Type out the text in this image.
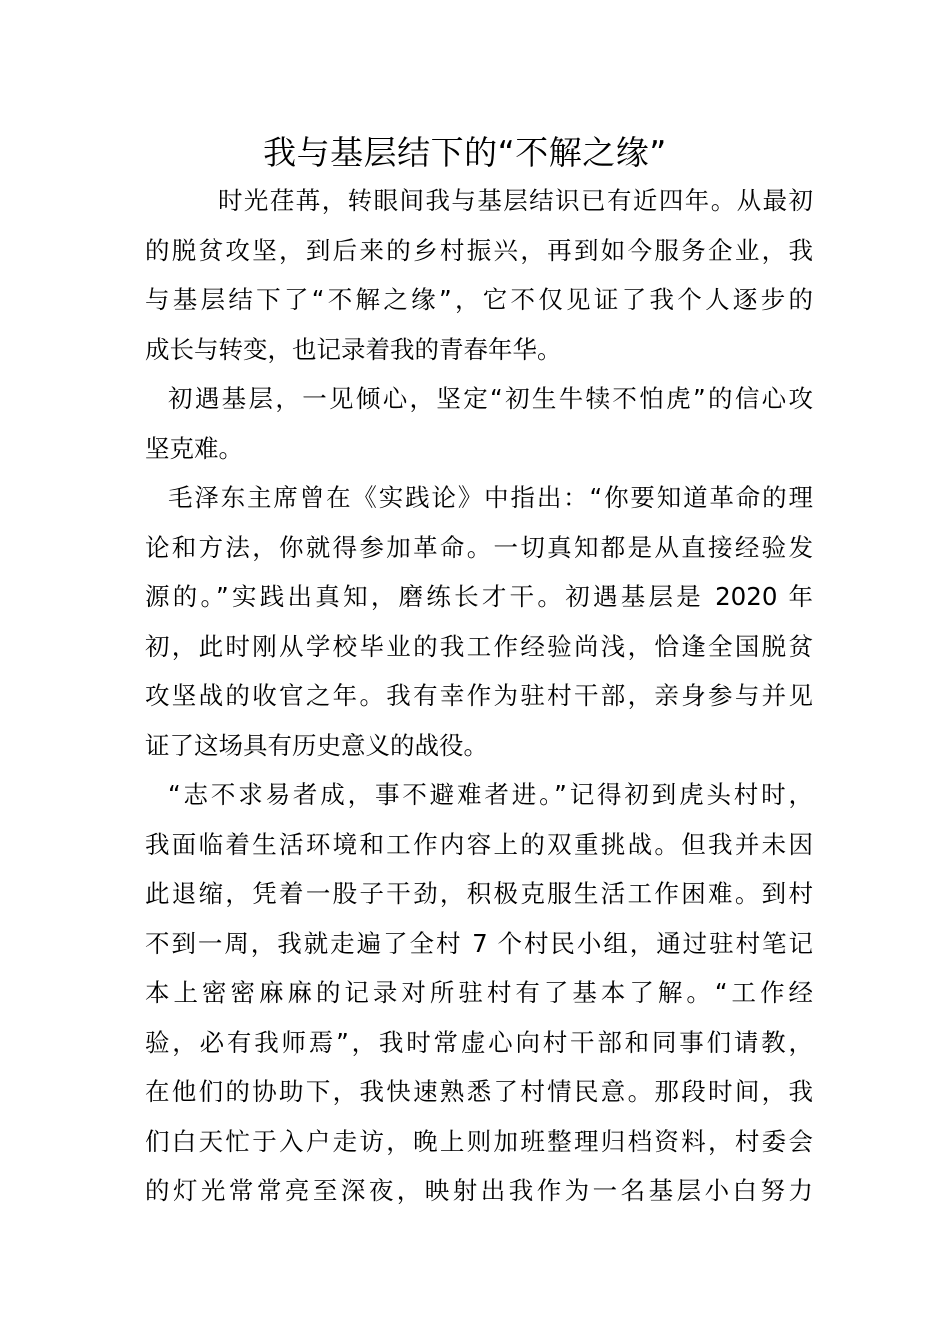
我与基层结下的“不解之缘”
时光荏苒，转眼间我与基层结识已有近四年。从最初
的脱贫攻坚，到后来的乡村振兴，再到如今服务企业，我
与基层结下了“不解之缘”，它不仅见证了我个人逐步的
成长与转变，也记录着我的青春年华。
初遇基层，一见倾心，坚定“初生牛犊不怕虎”的信心攻
坚克难。
毛泽东主席曾在《实践论》中指出：“你要知道革命的理
论和方法，你就得参加革命。一切真知都是从直接经验发
源的。”实践出真知，磨练长才干。初遇基层是 2020 年
初，此时刚从学校毕业的我工作经验尚浅，恰逢全国脱贫
攻坚战的收官之年。我有幸作为驻村干部，亲身参与并见
证了这场具有历史意义的战役。
“志不求易者成，事不避难者进。”记得初到虎头村时，
我面临着生活环境和工作内容上的双重挑战。但我并未因
此退缩，凭着一股子干劲，积极克服生活工作困难。到村
不到一周，我就走遍了全村 7 个村民小组，通过驻村笔记
本上密密麻麻的记录对所驻村有了基本了解。“工作经
验，必有我师焉”，我时常虚心向村干部和同事们请教，
在他们的协助下，我快速熟悉了村情民意。那段时间，我
们白天忙于入户走访，晚上则加班整理归档资料，村委会
的灯光常常亮至深夜，映射出我作为一名基层小白努力
